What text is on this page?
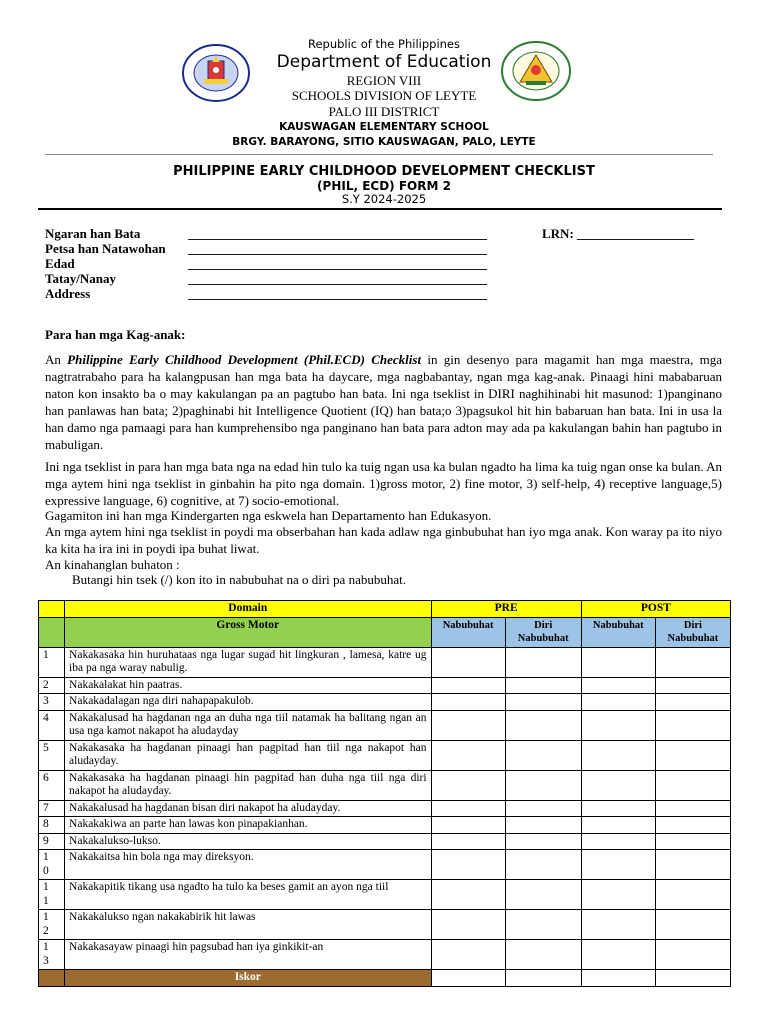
Republic of the Philippines
Department of Education
REGION VIII
SCHOOLS DIVISION OF LEYTE
PALO III DISTRICT
KAUSWAGAN ELEMENTARY SCHOOL
BRGY. BARAYONG, SITIO KAUSWAGAN, PALO, LEYTE
PHILIPPINE EARLY CHILDHOOD DEVELOPMENT CHECKLIST
(PHIL, ECD) FORM 2
S.Y 2024-2025
Ngaran han Bata	______________________________________________	LRN: __________________
Petsa han Natawohan ______________________________________________
Edad	______________________________________________
Tatay/Nanay	______________________________________________
Address	______________________________________________
Para han mga Kag-anak:
An Philippine Early Childhood Development (Phil.ECD) Checklist in gin desenyo para magamit han mga maestra, mga nagtratrabaho para ha kalangpusan han mga bata ha daycare, mga nagbabantay, ngan mga kag-anak. Pinaagi hini mababaruan naton kon insakto ba o may kakulangan pa an pagtubo han bata. Ini nga tseklist in DIRI naghihinabi hit masunod: 1)panginano han panlawas han bata; 2)paghinabi hit Intelligence Quotient (IQ) han bata;o 3)pagsukol hit hin babaruan han bata. Ini in usa la han damo nga pamaagi para han kumprehensibo nga panginano han bata para adton may ada pa kakulangan bahin han pagtubo in mabuligan.
Ini nga tseklist in para han mga bata nga na edad hin tulo ka tuig ngan usa ka bulan ngadto ha lima ka tuig ngan onse ka bulan. An mga aytem hini nga tseklist in ginbahin ha pito nga domain. 1)gross motor, 2) fine motor, 3) self-help, 4) receptive language,5) expressive language, 6) cognitive, at 7) socio-emotional.
Gagamiton ini han mga Kindergarten nga eskwela han Departamento han Edukasyon.
An mga aytem hini nga tseklist in poydi ma obserbahan han kada adlaw nga ginbubuhat han iyo mga anak. Kon waray pa ito niyo ka kita ha ira ini in poydi ipa buhat liwat.
An kinahanglan buhaton :
Butangi hin tsek (/) kon ito in nabubuhat na o diri pa nabubuhat.
	Domain	PRE		POST	
	Gross Motor	Nabubuhat	Diri Nabubuhat	Nabubuhat	Diri Nabubuhat
1	Nakakasaka hin huruhataas nga lugar sugad hit lingkuran , lamesa, katre ug iba pa nga waray nabulig.				
2	Nakakalakat hin paatras.				
3	Nakakadalagan nga diri nahapapakulob.				
4	Nakakalusad ha hagdanan nga an duha nga tiil natamak ha balitang ngan an usa nga kamot nakapot ha aludayday				
5	Nakakasaka ha hagdanan pinaagi han pagpitad han tiil nga nakapot han aludayday.				
6	Nakakasaka ha hagdanan pinaagi hin pagpitad han duha nga tiil nga diri nakapot ha aludayday.				
7	Nakakalusad ha hagdanan bisan diri nakapot ha aludayday.				
8	Nakakakiwa an parte han lawas kon pinapakianhan.				
9	Nakakalukso-lukso.				
10	Nakakaitsa hin bola nga may direksyon.				
11	Nakakapitik tikang usa ngadto ha tulo ka beses gamit an ayon nga tiil				
12	Nakakalukso ngan nakakabirik hit lawas				
13	Nakakasayaw pinaagi hin pagsubad han iya ginkikit-an				
	Iskor				
